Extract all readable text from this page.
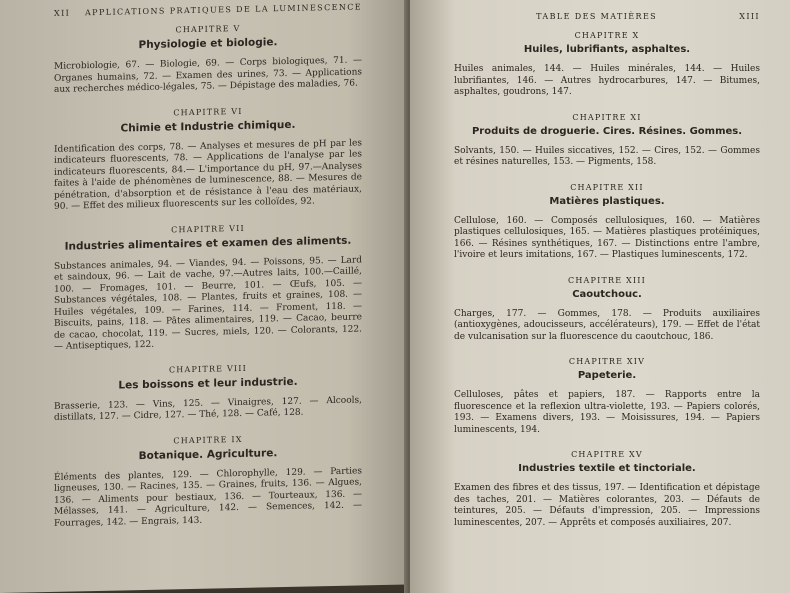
XII APPLICATIONS PRATIQUES DE LA LUMINESCENCE
CHAPITRE V
Physiologie et biologie.

Microbiologie, 67. — Biologie, 69. — Corps biologiques, 71. — Organes humains, 72. — Examen des urines, 73. — Applications aux recherches médico-légales, 75. — Dépistage des maladies, 76.

CHAPITRE VI
Chimie et Industrie chimique.

Identification des corps, 78. — Analyses et mesures de pH par les indicateurs fluorescents, 78. — Applications de l'analyse par les indicateurs fluorescents, 84.— L'importance du pH, 97.—Analyses faites à l'aide de phénomènes de luminescence, 88. — Mesures de pénétration, d'absorption et de résistance à l'eau des matériaux, 90. — Effet des milieux fluorescents sur les colloïdes, 92.

CHAPITRE VII
Industries alimentaires et examen des aliments.

Substances animales, 94. — Viandes, 94. — Poissons, 95. — Lard et saindoux, 96. — Lait de vache, 97.—Autres laits, 100.—Caillé, 100. — Fromages, 101. — Beurre, 101. — Œufs, 105. — Substances végétales, 108. — Plantes, fruits et graines, 108. — Huiles végétales, 109. — Farines, 114. — Froment, 118. — Biscuits, pains, 118. — Pâtes alimentaires, 119. — Cacao, beurre de cacao, chocolat, 119. — Sucres, miels, 120. — Colorants, 122. — Antiseptiques, 122.

CHAPITRE VIII
Les boissons et leur industrie.

Brasserie, 123. — Vins, 125. — Vinaigres, 127. — Alcools, distillats, 127. — Cidre, 127. — Thé, 128. — Café, 128.

CHAPITRE IX
Botanique. Agriculture.

Éléments des plantes, 129. — Chlorophylle, 129. — Parties ligneuses, 130. — Racines, 135. — Graines, fruits, 136. — Algues, 136. — Aliments pour bestiaux, 136. — Tourteaux, 136. — Mélasses, 141. — Agriculture, 142. — Semences, 142. — Fourrages, 142. — Engrais, 143.

TABLE DES MATIÈRES	XIII
CHAPITRE X
Huiles, lubrifiants, asphaltes.

Huiles animales, 144. — Huiles minérales, 144. — Huiles lubrifiantes, 146. — Autres hydrocarbures, 147. — Bitumes, asphaltes, goudrons, 147.

CHAPITRE XI
Produits de droguerie. Cires. Résines. Gommes.

Solvants, 150. — Huiles siccatives, 152. — Cires, 152. — Gommes et résines naturelles, 153. — Pigments, 158.

CHAPITRE XII
Matières plastiques.

Cellulose, 160. — Composés cellulosiques, 160. — Matières plastiques cellulosiques, 165. — Matières plastiques protéiniques, 166. — Résines synthétiques, 167. — Distinctions entre l'ambre, l'ivoire et leurs imitations, 167. — Plastiques luminescents, 172.

CHAPITRE XIII
Caoutchouc.

Charges, 177. — Gommes, 178. — Produits auxiliaires (antioxygènes, adoucisseurs, accélérateurs), 179. — Effet de l'état de vulcanisation sur la fluorescence du caoutchouc, 186.

CHAPITRE XIV
Papeterie.

Celluloses, pâtes et papiers, 187. — Rapports entre la fluorescence et la reflexion ultra-violette, 193. — Papiers colorés, 193. — Examens divers, 193. — Moisissures, 194. — Papiers luminescents, 194.

CHAPITRE XV
Industries textile et tinctoriale.

Examen des fibres et des tissus, 197. — Identification et dépistage des taches, 201. — Matières colorantes, 203. — Défauts de teintures, 205. — Défauts d'impression, 205. — Impressions luminescentes, 207. — Apprêts et composés auxiliaires, 207.
